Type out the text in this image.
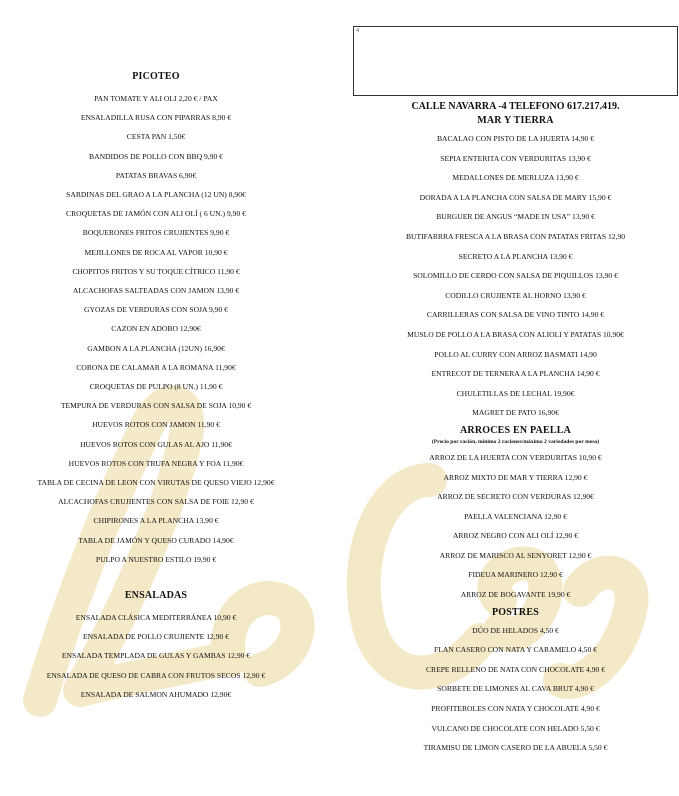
PICOTEO
PAN TOMATE Y ALI OLI 2,20 € / PAX
ENSALADILLA RUSA CON PIPARRAS 8,90 €
CESTA PAN 1,50€
BANDIDOS DE POLLO CON BBQ 9,90 €
PATATAS BRAVAS 6,90€
SARDINAS DEL GRAO A LA PLANCHA (12 UN) 8,90€
CROQUETAS DE JAMÓN CON ALI OLÍ ( 6 UN.) 9,90 €
BOQUERONES FRITOS CRUJIENTES 9,90 €
MEJILLONES DE ROCA AL VAPOR 10,90 €
CHOPITOS FRITOS Y SU TOQUE CÍTRICO 11,90 €
ALCACHOFAS SALTEADAS CON JAMON 13,90 €
GYOZAS DE VERDURAS CON SOJA 9,90 €
CAZON EN ADOBO 12,90€
GAMBON A LA PLANCHA (12UN) 16,90€
CORONA DE CALAMAR A LA ROMANA 11,90€
CROQUETAS DE PULPO (8 UN.) 11,90 €
TEMPURA DE VERDURAS CON SALSA DE SOJA 10,90 €
HUEVOS ROTOS CON JAMON 11,90 €
HUEVOS ROTOS CON GULAS AL AJO 11,90€
HUEVOS ROTOS CON TRUFA NEGRA Y FOA 11,90€
TABLA DE CECINA DE LEON CON VIRUTAS DE QUESO VIEJO 12,90€
ALCACHOFAS CRUJIENTES CON SALSA DE FOIE 12,90 €
CHIPIRONES A LA PLANCHA 13,90 €
TABLA DE JAMÓN Y QUESO CURADO 14,90€
PULPO A NUESTRO ESTILO 19,90 €
ENSALADAS
ENSALADA CLÁSICA MEDITERRÁNEA 10,90 €
ENSALADA DE POLLO CRUJIENTE 12,90 €
ENSALADA TEMPLADA DE GULAS Y GAMBAS 12,90 €
ENSALADA DE QUESO DE CABRA CON FRUTOS SECOS 12,90 €
ENSALADA DE SALMON AHUMADO 12,90€
4
CALLE NAVARRA -4 TELEFONO 617.217.419.
MAR Y TIERRA
BACALAO CON PISTO DE LA HUERTA 14,90 €
SEPIA ENTERITA CON VERDURITAS 13,90 €
MEDALLONES DE MERLUZA 13,90 €
DORADA A LA PLANCHA CON SALSA DE MARY 15,90 €
BURGUER DE ANGUS “MADE IN USA” 13,90 €
BUTIFARRRA FRESCA A LA BRASA CON PATATAS FRITAS 12,90
SECRETO A LA PLANCHA 13,90 €
SOLOMILLO DE CERDO CON SALSA DE PIQUILLOS 13,90 €
CODILLO CRUJIENTE AL HORNO 13,90 €
CARRILLERAS CON SALSA DE VINO TINTO 14,90 €
MUSLO DE POLLO A LA BRASA CON ALIOLI Y PATATAS 10,90€
POLLO AL CURRY CON ARROZ BASMATI 14,90
ENTRECOT DE TERNERA A LA PLANCHA 14,90 €
CHULETILLAS DE LECHAL 19,90€
MAGRET DE PATO 16,90€
ARROCES EN PAELLA
(Precio por ración, mínimo 2 raciones/máximo 2 variedades por mesa)
ARROZ DE LA HUERTA CON VERDURITAS 10,90 €
ARROZ MIXTO DE MAR Y TIERRA 12,90 €
ARROZ DE SECRETO CON VERDURAS 12,90€
PAELLA VALENCIANA 12,90 €
ARROZ NEGRO CON ALI OLÍ 12,90 €
ARROZ DE MARISCO AL SENYORET 12,90 €
FIDEUA MARINERO 12,90 €
ARROZ DE BOGAVANTE 19,90 €
POSTRES
DÚO DE HELADOS 4,50 €
FLAN CASERO CON NATA Y CARAMELO 4,50 €
CREPE RELLENO DE NATA CON CHOCOLATE 4,90 €
SORBETE DE LIMONES AL CAVA BRUT 4,90 €
PROFITEROLES CON NATA Y CHOCOLATE 4,90 €
VULCANO DE CHOCOLATE CON HELADO 5,50 €
TIRAMISU DE LIMON CASERO DE LA ABUELA 5,50 €
